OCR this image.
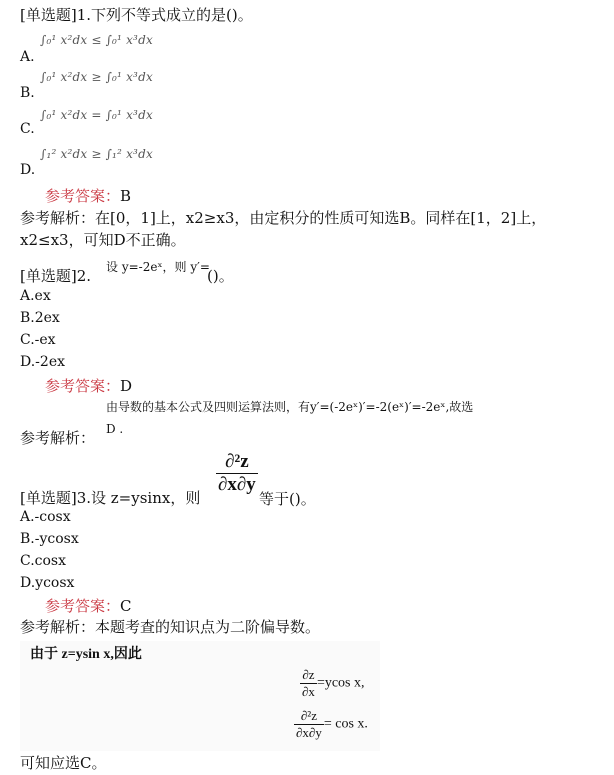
[单选题]1.下列不等式成立的是()。
A.
∫₀¹ x²dx ≤ ∫₀¹ x³dx
B.
∫₀¹ x²dx ≥ ∫₀¹ x³dx
C.
∫₀¹ x²dx = ∫₀¹ x³dx
D.
∫₁² x²dx ≥ ∫₁² x³dx
参考答案：B
参考解析：在[0，1]上，x2≥x3，由定积分的性质可知选B。同样在[1，2]上，
x2≤x3，可知D不正确。
[单选题]2. 设 y=-2eˣ，则 y′=
()。
A.ex
B.2ex
C.-ex
D.-2ex
参考答案：D
由导数的基本公式及四则运算法则，有y′=(-2eˣ)′=-2(eˣ)′=-2eˣ,故选
参考解析： D .
[单选题]3.设 z=ysinx，则
$\frac{\text{∂²z}}{\partial x\partial y}$
等于()。
A.-cosx
B.-ycosx
C.cosx
D.ycosx
参考答案：C
参考解析：本题考查的知识点为二阶偏导数。
由于 z=ysin x,因此
$\frac{\partial z}{\partial x} =ycos$ x,
$\frac{\text{∂²z}}{\partial x\partial y} = \cos x$.
可知应选C。
